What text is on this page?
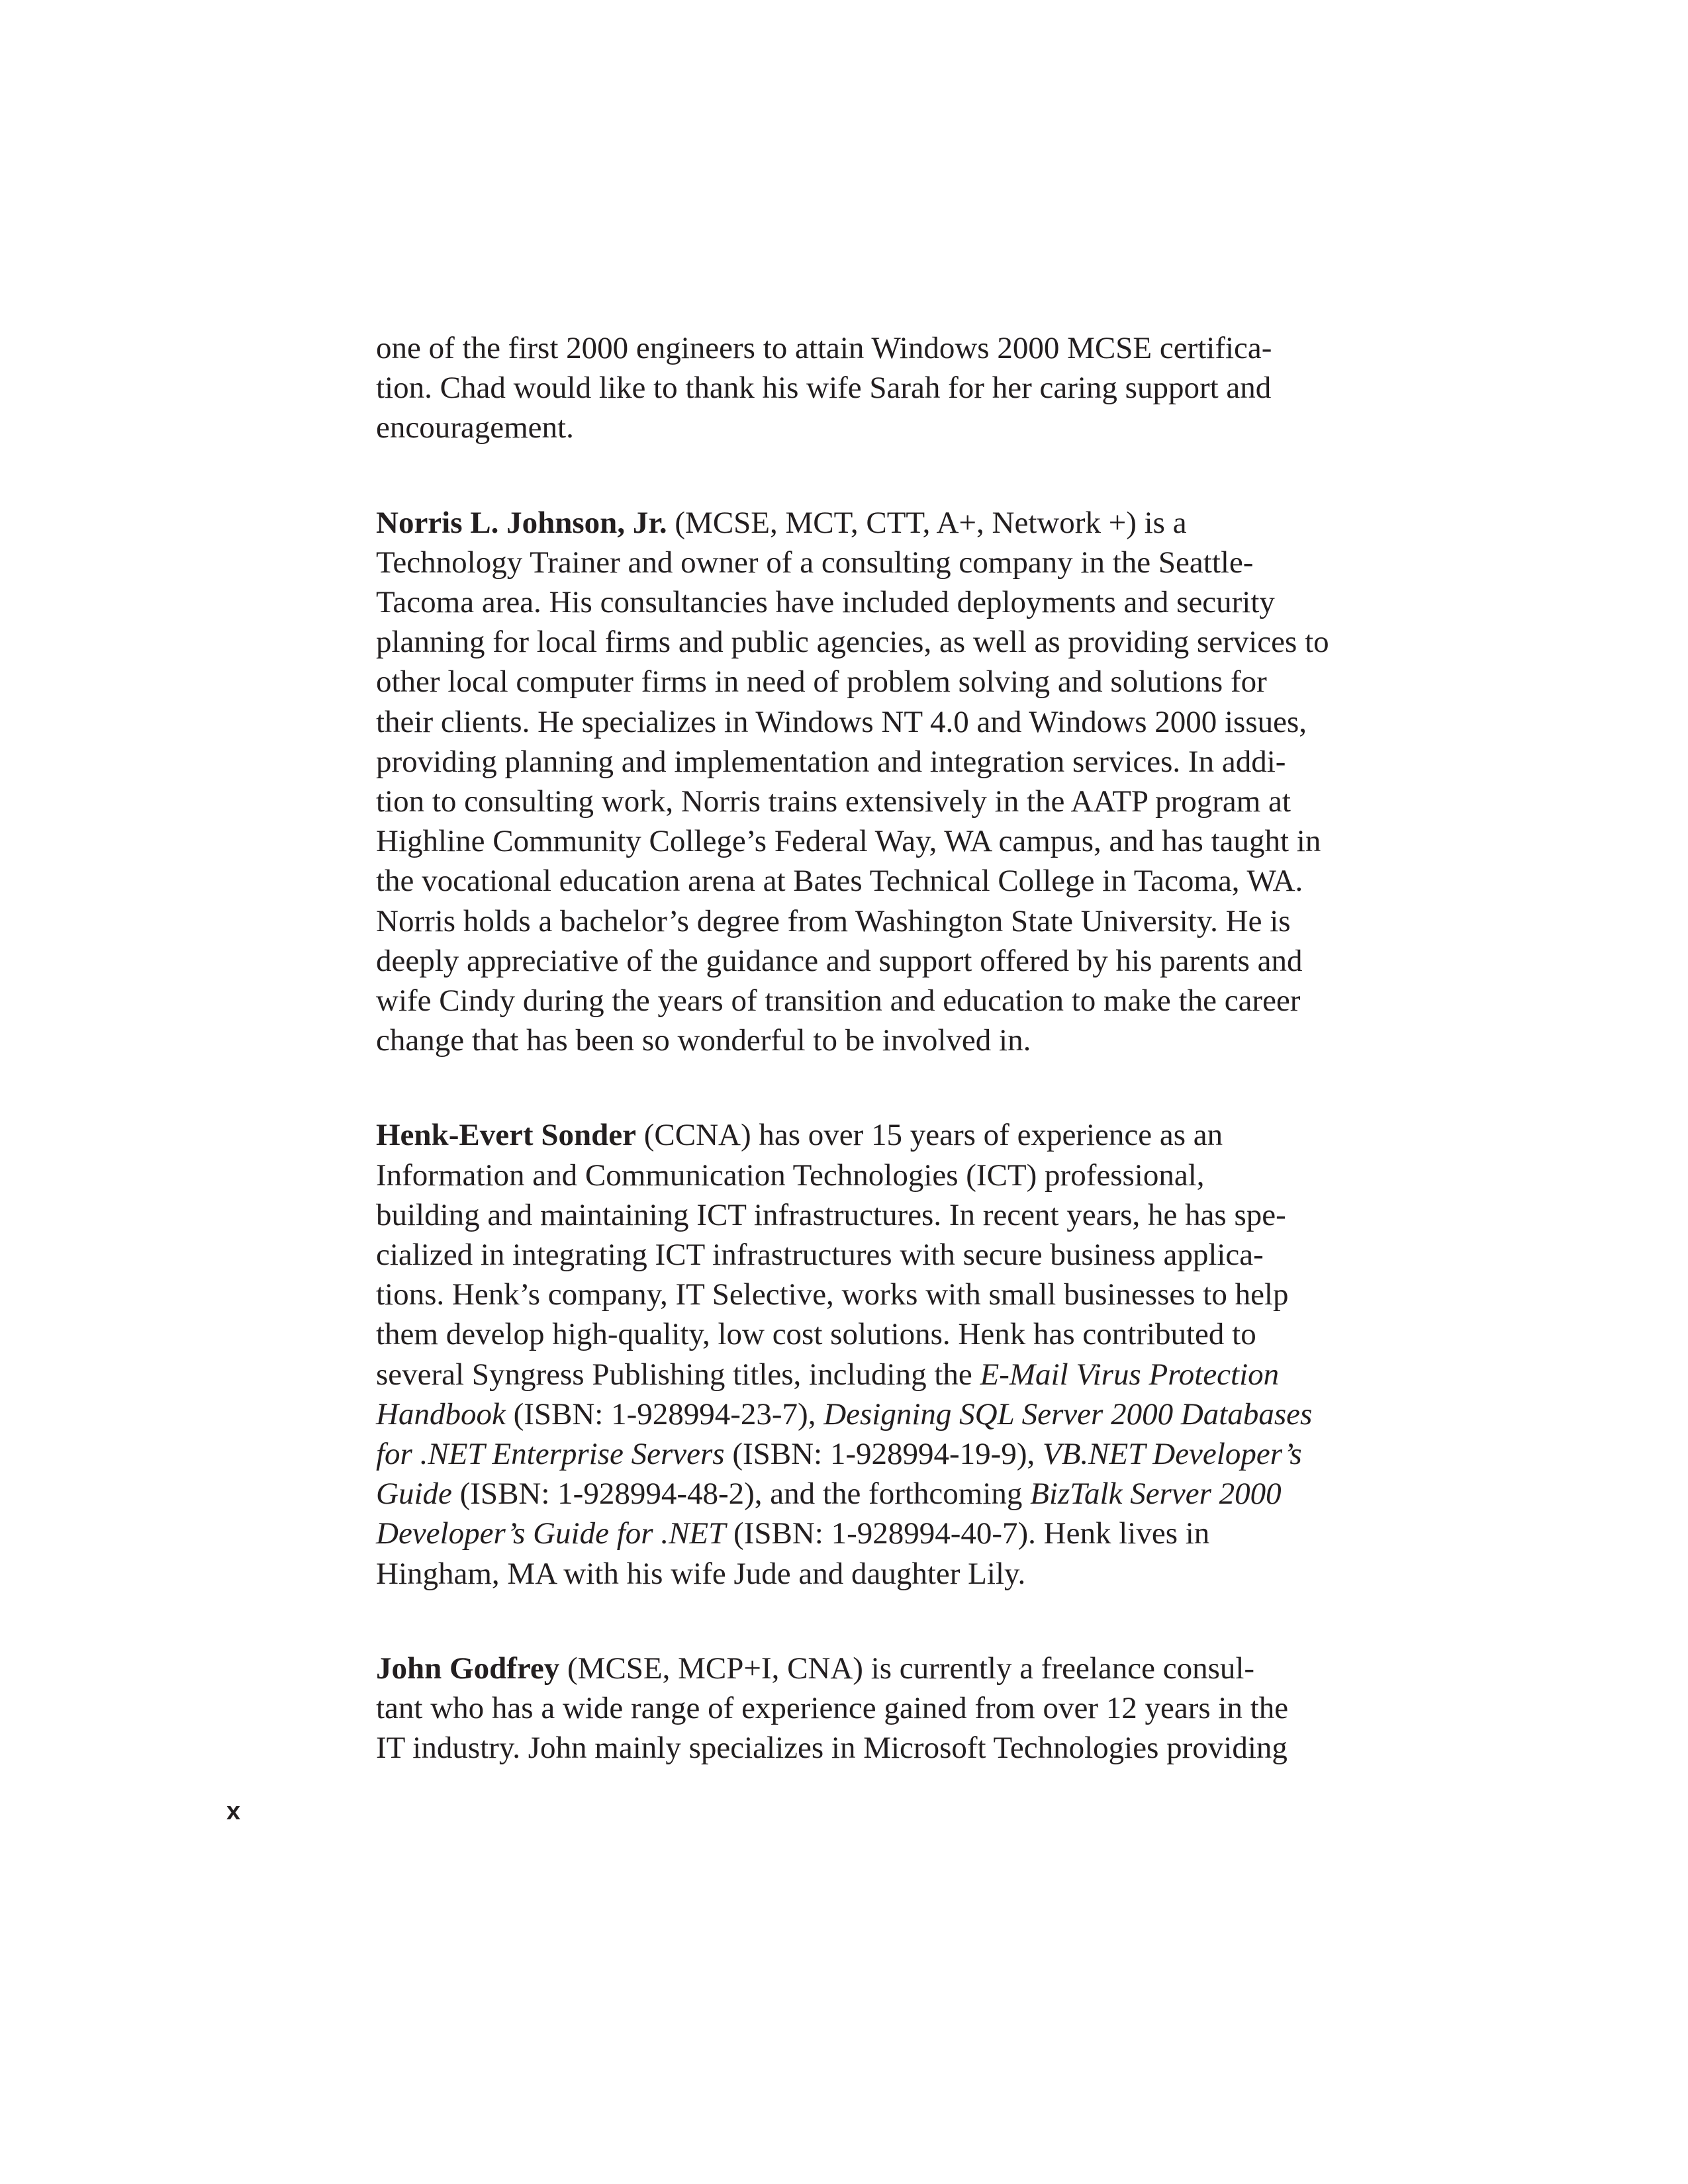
one of the first 2000 engineers to attain Windows 2000 MCSE certifica-
tion. Chad would like to thank his wife Sarah for her caring support and
encouragement.

Norris L. Johnson, Jr. (MCSE, MCT, CTT, A+, Network +) is a
Technology Trainer and owner of a consulting company in the Seattle-
Tacoma area. His consultancies have included deployments and security
planning for local firms and public agencies, as well as providing services to
other local computer firms in need of problem solving and solutions for
their clients. He specializes in Windows NT 4.0 and Windows 2000 issues,
providing planning and implementation and integration services. In addi-
tion to consulting work, Norris trains extensively in the AATP program at
Highline Community College’s Federal Way, WA campus, and has taught in
the vocational education arena at Bates Technical College in Tacoma, WA.
Norris holds a bachelor’s degree from Washington State University. He is
deeply appreciative of the guidance and support offered by his parents and
wife Cindy during the years of transition and education to make the career
change that has been so wonderful to be involved in.

Henk-Evert Sonder (CCNA) has over 15 years of experience as an
Information and Communication Technologies (ICT) professional,
building and maintaining ICT infrastructures. In recent years, he has spe-
cialized in integrating ICT infrastructures with secure business applica-
tions. Henk’s company, IT Selective, works with small businesses to help
them develop high-quality, low cost solutions. Henk has contributed to
several Syngress Publishing titles, including the E-Mail Virus Protection
Handbook (ISBN: 1-928994-23-7), Designing SQL Server 2000 Databases
for .NET Enterprise Servers (ISBN: 1-928994-19-9), VB.NET Developer’s
Guide (ISBN: 1-928994-48-2), and the forthcoming BizTalk Server 2000
Developer’s Guide for .NET (ISBN: 1-928994-40-7). Henk lives in
Hingham, MA with his wife Jude and daughter Lily.

John Godfrey (MCSE, MCP+I, CNA) is currently a freelance consul-
tant who has a wide range of experience gained from over 12 years in the
IT industry. John mainly specializes in Microsoft Technologies providing

x
